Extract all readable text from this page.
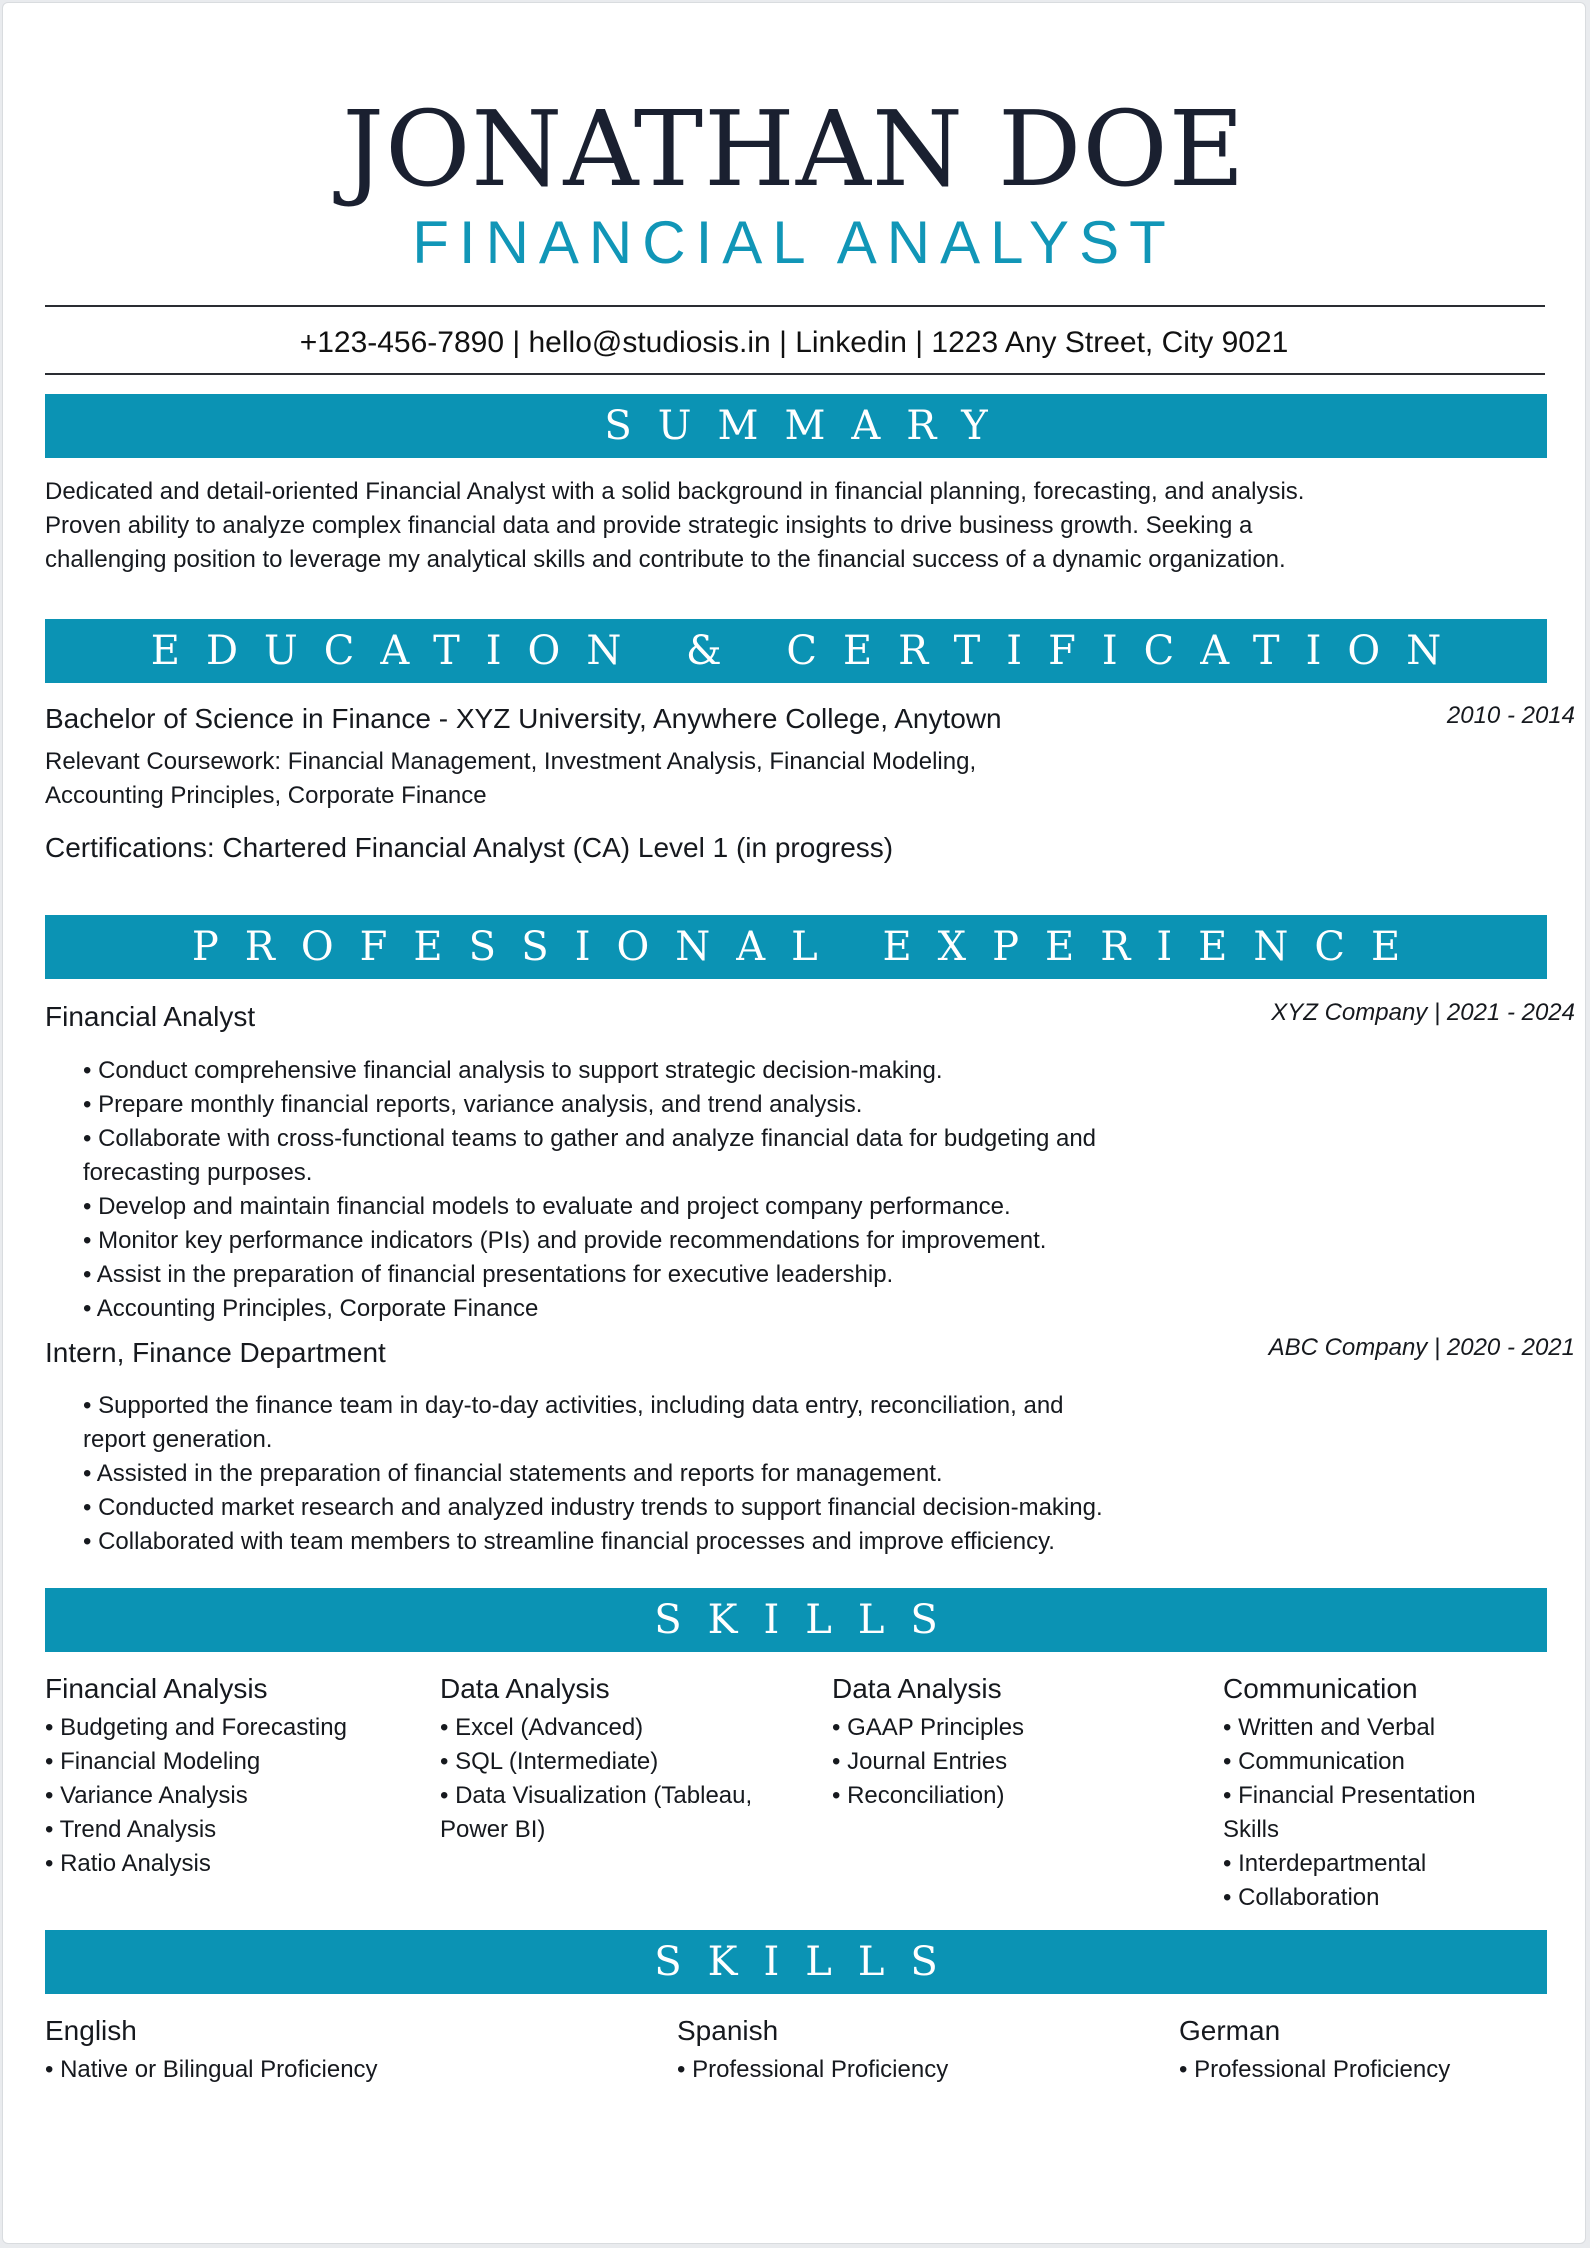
JONATHAN DOE
FINANCIAL ANALYST
+123-456-7890 | hello@studiosis.in | Linkedin | 1223 Any Street, City 9021
SUMMARY
Dedicated and detail-oriented Financial Analyst with a solid background in financial planning, forecasting, and analysis.
Proven ability to analyze complex financial data and provide strategic insights to drive business growth. Seeking a
challenging position to leverage my analytical skills and contribute to the financial success of a dynamic organization.
EDUCATION & CERTIFICATION
Bachelor of Science in Finance - XYZ University, Anywhere College, Anytown	2010 - 2014
Relevant Coursework: Financial Management, Investment Analysis, Financial Modeling,
Accounting Principles, Corporate Finance
Certifications: Chartered Financial Analyst (CA) Level 1 (in progress)
PROFESSIONAL EXPERIENCE
Financial Analyst	XYZ Company | 2021 - 2024
• Conduct comprehensive financial analysis to support strategic decision-making.
• Prepare monthly financial reports, variance analysis, and trend analysis.
• Collaborate with cross-functional teams to gather and analyze financial data for budgeting and
forecasting purposes.
• Develop and maintain financial models to evaluate and project company performance.
• Monitor key performance indicators (PIs) and provide recommendations for improvement.
• Assist in the preparation of financial presentations for executive leadership.
• Accounting Principles, Corporate Finance
Intern, Finance Department	ABC Company | 2020 - 2021
• Supported the finance team in day-to-day activities, including data entry, reconciliation, and
report generation.
• Assisted in the preparation of financial statements and reports for management.
• Conducted market research and analyzed industry trends to support financial decision-making.
• Collaborated with team members to streamline financial processes and improve efficiency.
SKILLS
Financial Analysis
• Budgeting and Forecasting
• Financial Modeling
• Variance Analysis
• Trend Analysis
• Ratio Analysis
Data Analysis
• Excel (Advanced)
• SQL (Intermediate)
• Data Visualization (Tableau,
Power BI)
Data Analysis
• GAAP Principles
• Journal Entries
• Reconciliation)
Communication
• Written and Verbal
• Communication
• Financial Presentation
Skills
• Interdepartmental
• Collaboration
SKILLS
English
• Native or Bilingual Proficiency
Spanish
• Professional Proficiency
German
• Professional Proficiency
